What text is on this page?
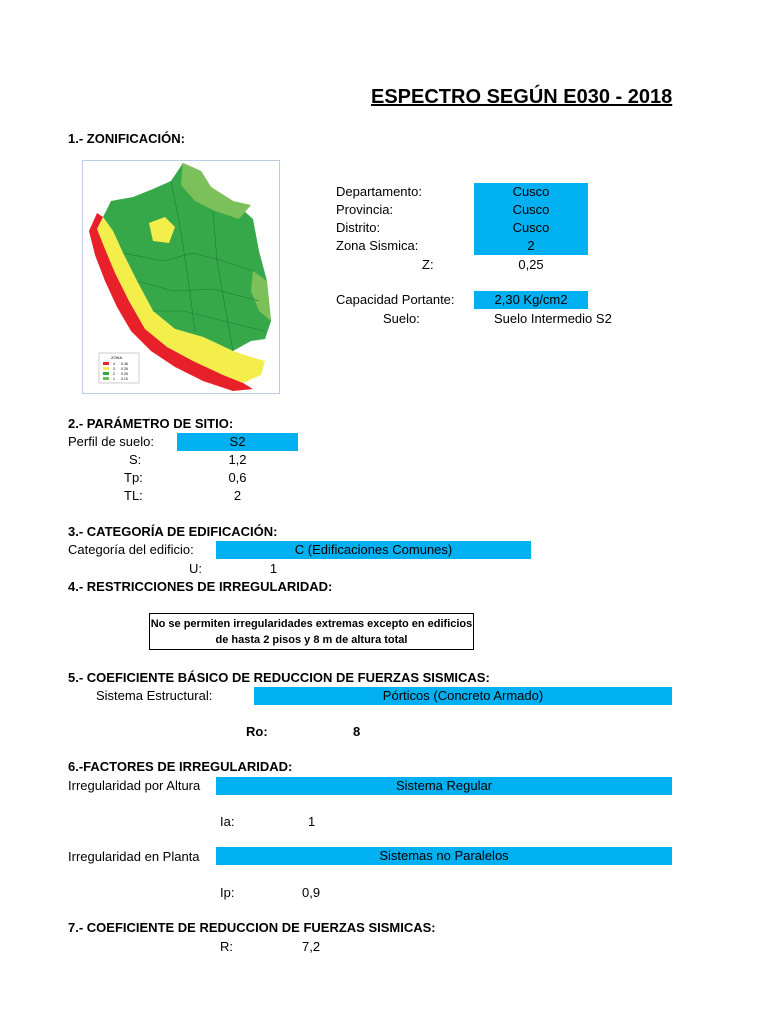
ESPECTRO SEGÚN E030 - 2018
1.- ZONIFICACIÓN:
ZONA
4 0.45
3 0.35
2 0.25
1 0.10
Departamento:	Cusco
Provincia:	Cusco
Distrito:	Cusco
Zona Sismica:	2
Z:	0,25
Capacidad Portante:	2,30 Kg/cm2
Suelo:	Suelo Intermedio S2
2.- PARÁMETRO DE SITIO:
Perfil de suelo:	S2
S:	1,2
Tp:	0,6
TL:	2
3.- CATEGORÍA DE EDIFICACIÓN:
Categoría del edificio:	C (Edificaciones Comunes)
U:	1
4.- RESTRICCIONES DE IRREGULARIDAD:
No se permiten irregularidades extremas excepto en edificios de hasta 2 pisos y 8 m de altura total
5.- COEFICIENTE BÁSICO DE REDUCCION DE FUERZAS SISMICAS:
Sistema Estructural:	Pórticos (Concreto Armado)
Ro:	8
6.-FACTORES DE IRREGULARIDAD:
Irregularidad por Altura	Sistema Regular
Ia:	1
Irregularidad en Planta	Sistemas no Paralelos
Ip:	0,9
7.- COEFICIENTE DE REDUCCION DE FUERZAS SISMICAS:
R:	7,2
